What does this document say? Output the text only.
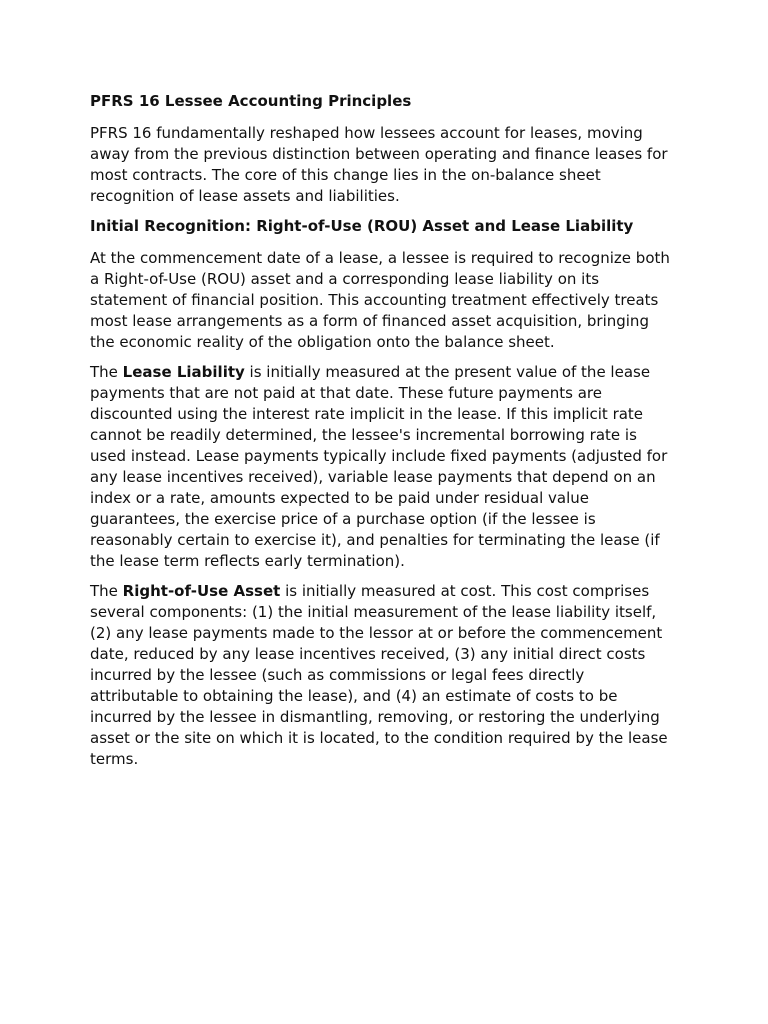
PFRS 16 Lessee Accounting Principles
PFRS 16 fundamentally reshaped how lessees account for leases, moving
away from the previous distinction between operating and finance leases for
most contracts. The core of this change lies in the on-balance sheet
recognition of lease assets and liabilities.
Initial Recognition: Right-of-Use (ROU) Asset and Lease Liability
At the commencement date of a lease, a lessee is required to recognize both
a Right-of-Use (ROU) asset and a corresponding lease liability on its
statement of financial position. This accounting treatment effectively treats
most lease arrangements as a form of financed asset acquisition, bringing
the economic reality of the obligation onto the balance sheet.
The Lease Liability is initially measured at the present value of the lease
payments that are not paid at that date. These future payments are
discounted using the interest rate implicit in the lease. If this implicit rate
cannot be readily determined, the lessee's incremental borrowing rate is
used instead. Lease payments typically include fixed payments (adjusted for
any lease incentives received), variable lease payments that depend on an
index or a rate, amounts expected to be paid under residual value
guarantees, the exercise price of a purchase option (if the lessee is
reasonably certain to exercise it), and penalties for terminating the lease (if
the lease term reflects early termination).
The Right-of-Use Asset is initially measured at cost. This cost comprises
several components: (1) the initial measurement of the lease liability itself,
(2) any lease payments made to the lessor at or before the commencement
date, reduced by any lease incentives received, (3) any initial direct costs
incurred by the lessee (such as commissions or legal fees directly
attributable to obtaining the lease), and (4) an estimate of costs to be
incurred by the lessee in dismantling, removing, or restoring the underlying
asset or the site on which it is located, to the condition required by the lease
terms.
